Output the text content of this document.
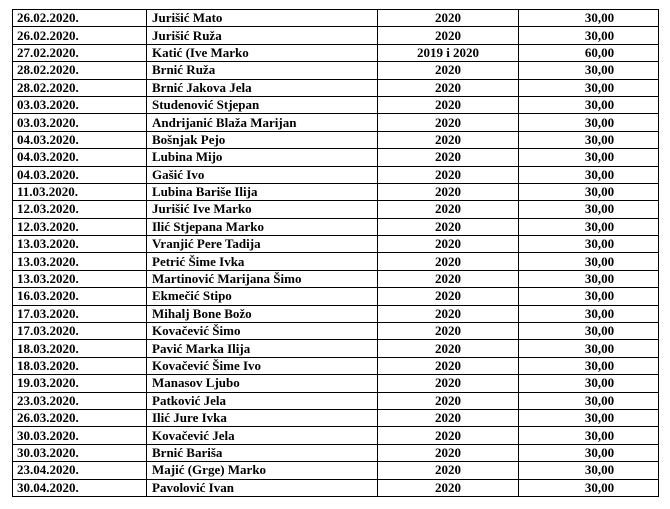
26.02.2020.	Jurišić Mato	2020	30,00
26.02.2020.	Jurišić Ruža	2020	30,00
27.02.2020.	Katić (Ive Marko	2019 i 2020	60,00
28.02.2020.	Brnić Ruža	2020	30,00
28.02.2020.	Brnić Jakova Jela	2020	30,00
03.03.2020.	Studenović Stjepan	2020	30,00
03.03.2020.	Andrijanić Blaža Marijan	2020	30,00
04.03.2020.	Bošnjak Pejo	2020	30,00
04.03.2020.	Lubina Mijo	2020	30,00
04.03.2020.	Gašić Ivo	2020	30,00
11.03.2020.	Lubina Bariše Ilija	2020	30,00
12.03.2020.	Jurišić Ive Marko	2020	30,00
12.03.2020.	Ilić Stjepana Marko	2020	30,00
13.03.2020.	Vranjić Pere Tadija	2020	30,00
13.03.2020.	Petrić Šime Ivka	2020	30,00
13.03.2020.	Martinović Marijana Šimo	2020	30,00
16.03.2020.	Ekmečić Stipo	2020	30,00
17.03.2020.	Mihalj Bone Božo	2020	30,00
17.03.2020.	Kovačević Šimo	2020	30,00
18.03.2020.	Pavić Marka Ilija	2020	30,00
18.03.2020.	Kovačević Šime Ivo	2020	30,00
19.03.2020.	Manasov Ljubo	2020	30,00
23.03.2020.	Patković Jela	2020	30,00
26.03.2020.	Ilić Jure Ivka	2020	30,00
30.03.2020.	Kovačević Jela	2020	30,00
30.03.2020.	Brnić Bariša	2020	30,00
23.04.2020.	Majić (Grge) Marko	2020	30,00
30.04.2020.	Pavolović Ivan	2020	30,00
